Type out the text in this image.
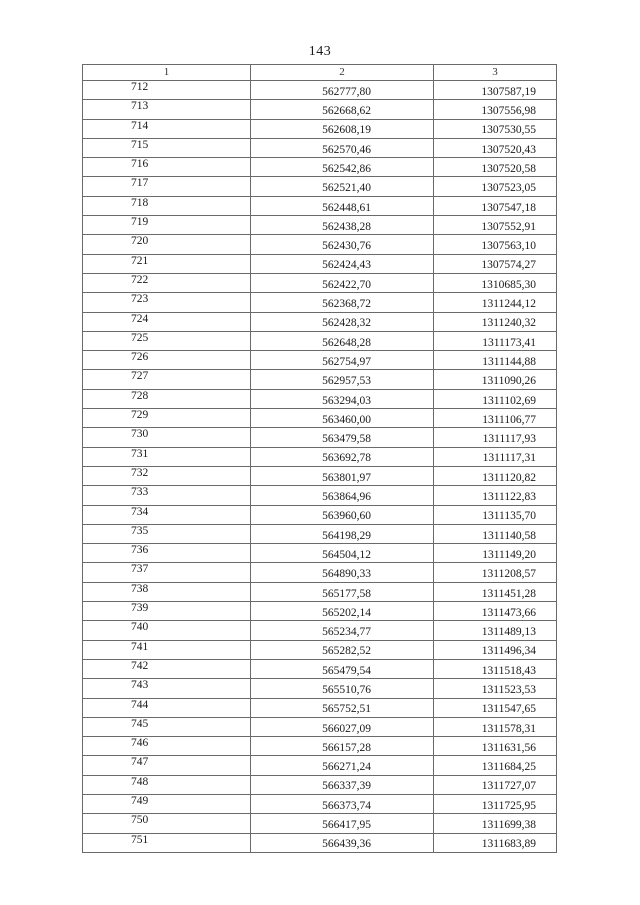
143
1	2	3
712	562777,80	1307587,19
713	562668,62	1307556,98
714	562608,19	1307530,55
715	562570,46	1307520,43
716	562542,86	1307520,58
717	562521,40	1307523,05
718	562448,61	1307547,18
719	562438,28	1307552,91
720	562430,76	1307563,10
721	562424,43	1307574,27
722	562422,70	1310685,30
723	562368,72	1311244,12
724	562428,32	1311240,32
725	562648,28	1311173,41
726	562754,97	1311144,88
727	562957,53	1311090,26
728	563294,03	1311102,69
729	563460,00	1311106,77
730	563479,58	1311117,93
731	563692,78	1311117,31
732	563801,97	1311120,82
733	563864,96	1311122,83
734	563960,60	1311135,70
735	564198,29	1311140,58
736	564504,12	1311149,20
737	564890,33	1311208,57
738	565177,58	1311451,28
739	565202,14	1311473,66
740	565234,77	1311489,13
741	565282,52	1311496,34
742	565479,54	1311518,43
743	565510,76	1311523,53
744	565752,51	1311547,65
745	566027,09	1311578,31
746	566157,28	1311631,56
747	566271,24	1311684,25
748	566337,39	1311727,07
749	566373,74	1311725,95
750	566417,95	1311699,38
751	566439,36	1311683,89
